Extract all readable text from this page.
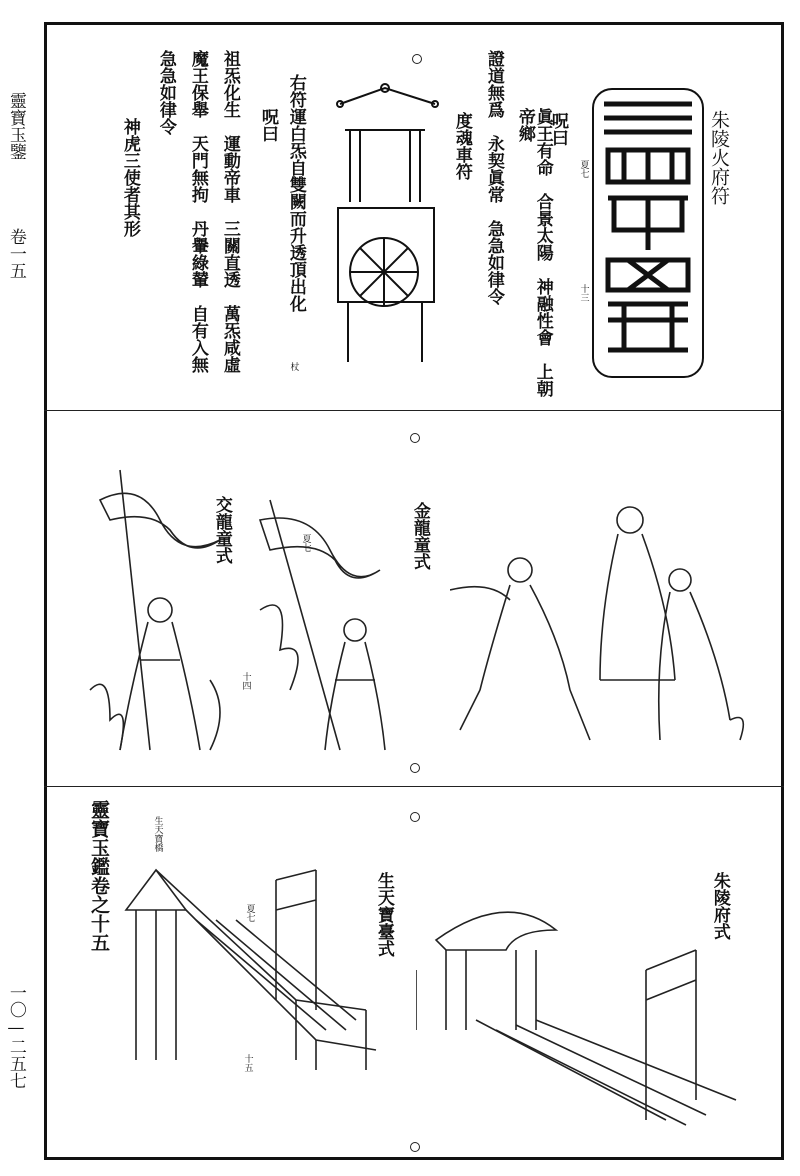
靈寶玉鑒
卷一五
一〇—二五七
朱陵火府符
夏七
十三
呪曰
眞王有命　合景太陽　神融性會　上朝帝鄉
證道無爲　永契眞常　急急如律令
度魂車符
右符運白炁自雙闕而升透頂出化
杖
呪曰
祖炁化生　運動帝車　三關直透　萬炁咸虛
魔王保舉　天門無拘　丹轝綠輦　自有入無
急急如律令
神虎三使者其形
交龍童式	夏七
十四
金龍童式
靈寶玉鑑卷之十五	生天寶橋
夏七
十五
生天寶臺式	朱陵府式
